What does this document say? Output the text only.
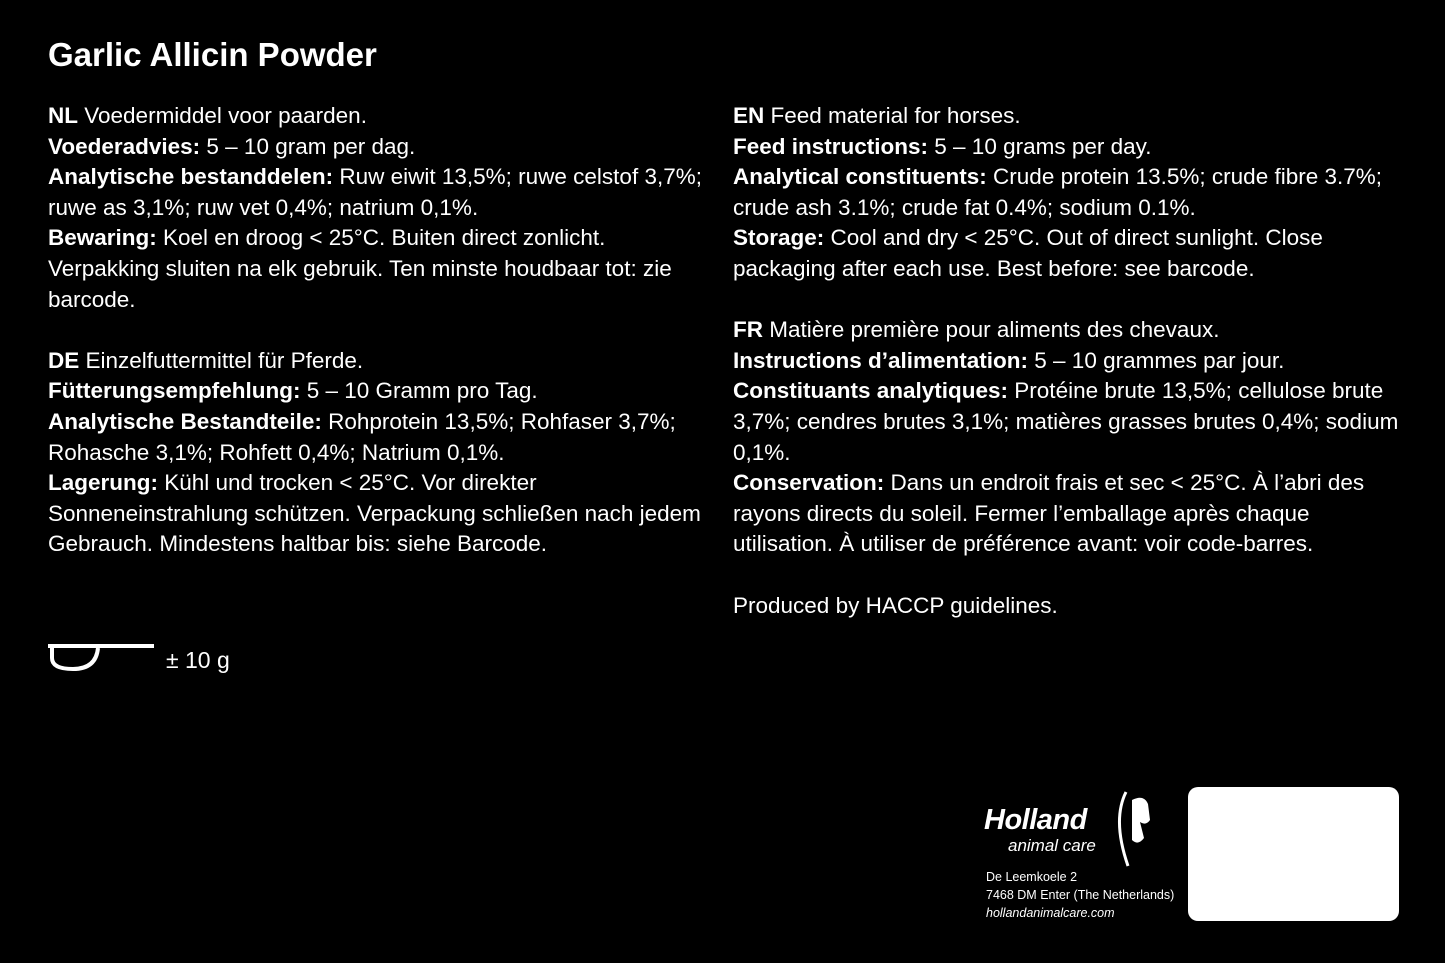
Garlic Allicin Powder

NL Voedermiddel voor paarden.
Voederadvies: 5 – 10 gram per dag.
Analytische bestanddelen: Ruw eiwit 13,5%; ruwe celstof 3,7%; ruwe as 3,1%; ruw vet 0,4%; natrium 0,1%.
Bewaring: Koel en droog < 25°C. Buiten direct zonlicht. Verpakking sluiten na elk gebruik. Ten minste houdbaar tot: zie barcode.

DE Einzelfuttermittel für Pferde.
Fütterungsempfehlung: 5 – 10 Gramm pro Tag.
Analytische Bestandteile: Rohprotein 13,5%; Rohfaser 3,7%; Rohasche 3,1%; Rohfett 0,4%; Natrium 0,1%.
Lagerung: Kühl und trocken < 25°C. Vor direkter Sonneneinstrahlung schützen. Verpackung schließen nach jedem Gebrauch. Mindestens haltbar bis: siehe Barcode.

EN Feed material for horses.
Feed instructions: 5 – 10 grams per day.
Analytical constituents: Crude protein 13.5%; crude fibre 3.7%; crude ash 3.1%; crude fat 0.4%; sodium 0.1%.
Storage: Cool and dry < 25°C. Out of direct sunlight. Close packaging after each use. Best before: see barcode.

FR Matière première pour aliments des chevaux.
Instructions d’alimentation: 5 – 10 grammes par jour.
Constituants analytiques: Protéine brute 13,5%; cellulose brute 3,7%; cendres brutes 3,1%; matières grasses brutes 0,4%; sodium 0,1%.
Conservation: Dans un endroit frais et sec < 25°C. À l’abri des rayons directs du soleil. Fermer l’emballage après chaque utilisation. À utiliser de préférence avant: voir code-barres.

Produced by HACCP guidelines.

± 10 g
Holland
animal care
De Leemkoele 2
7468 DM Enter (The Netherlands)
hollandanimalcare.com
